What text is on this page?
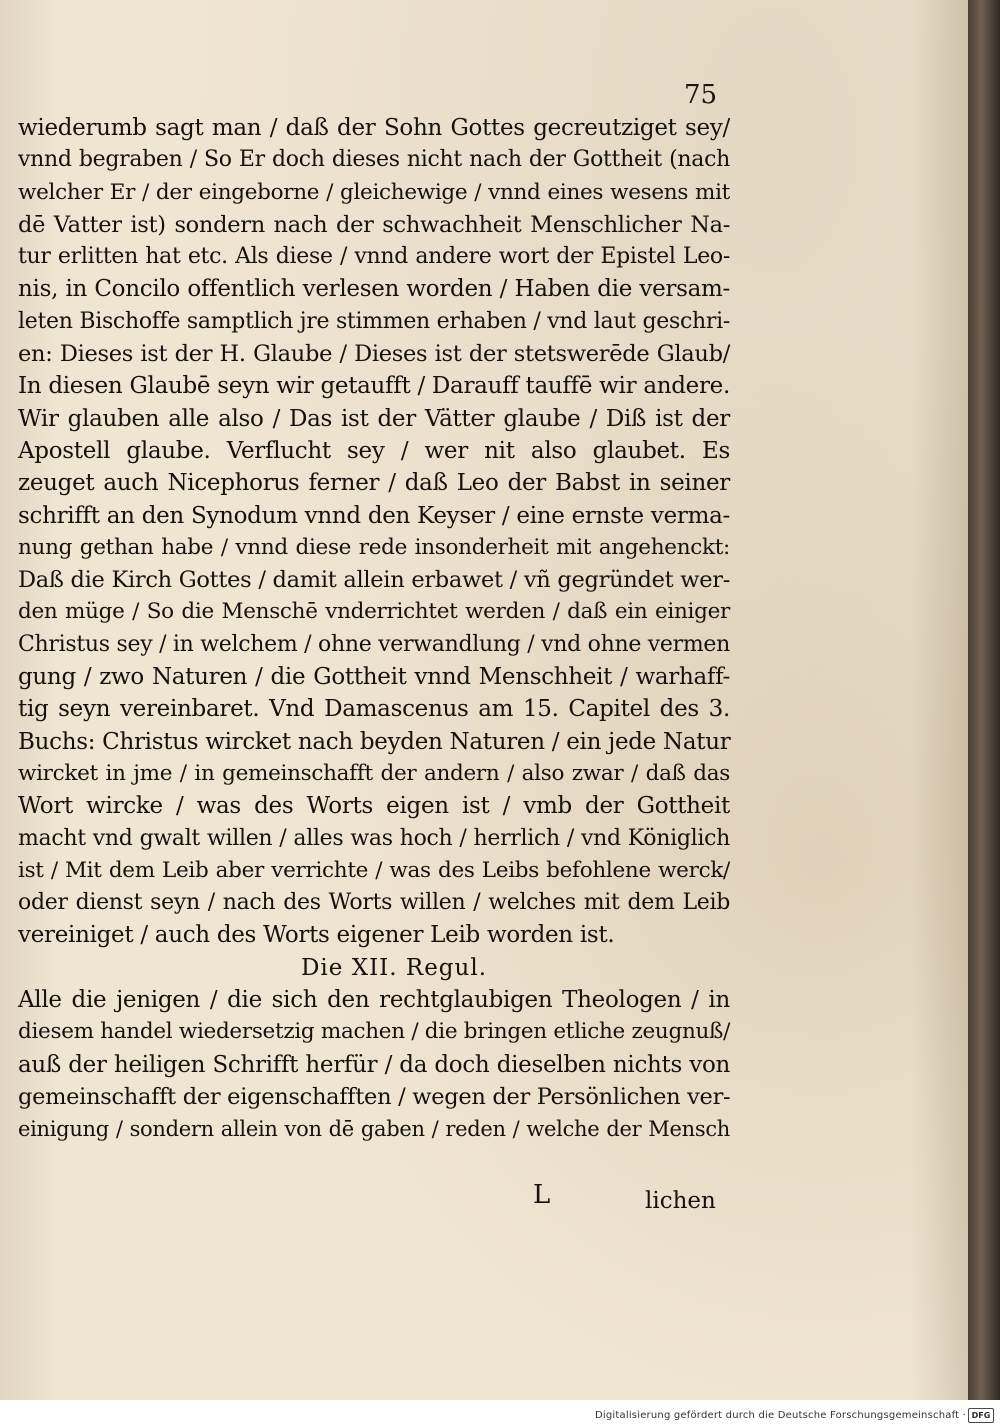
75
wiederumb sagt man / daß der Sohn Gottes gecreutziget sey/
vnnd begraben / So Er doch dieses nicht nach der Gottheit (nach
welcher Er / der eingeborne / gleichewige / vnnd eines wesens mit
dē Vatter ist) sondern nach der schwachheit Menschlicher Na-
tur erlitten hat etc. Als diese / vnnd andere wort der Epistel Leo-
nis, in Concilo offentlich verlesen worden / Haben die versam-
leten Bischoffe samptlich jre stimmen erhaben / vnd laut geschri-
en: Dieses ist der H. Glaube / Dieses ist der stetswerēde Glaub/
In diesen Glaubē seyn wir getaufft / Darauff tauffē wir andere.
Wir glauben alle also / Das ist der Vätter glaube / Diß ist der
Apostell glaube. Verflucht sey / wer nit also glaubet. Es
zeuget auch Nicephorus ferner / daß Leo der Babst in seiner
schrifft an den Synodum vnnd den Keyser / eine ernste verma-
nung gethan habe / vnnd diese rede insonderheit mit angehenckt:
Daß die Kirch Gottes / damit allein erbawet / vñ gegründet wer-
den müge / So die Menschē vnderrichtet werden / daß ein einiger
Christus sey / in welchem / ohne verwandlung / vnd ohne vermen
gung / zwo Naturen / die Gottheit vnnd Menschheit / warhaff-
tig seyn vereinbaret. Vnd Damascenus am 15. Capitel des 3.
Buchs: Christus wircket nach beyden Naturen / ein jede Natur
wircket in jme / in gemeinschafft der andern / also zwar / daß das
Wort wircke / was des Worts eigen ist / vmb der Gottheit
macht vnd gwalt willen / alles was hoch / herrlich / vnd Königlich
ist / Mit dem Leib aber verrichte / was des Leibs befohlene werck/
oder dienst seyn / nach des Worts willen / welches mit dem Leib
vereiniget / auch des Worts eigener Leib worden ist.
Die XII. Regul.
Alle die jenigen / die sich den rechtglaubigen Theologen / in
diesem handel wiedersetzig machen / die bringen etliche zeugnuß/
auß der heiligen Schrifft herfür / da doch dieselben nichts von
gemeinschafft der eigenschafften / wegen der Persönlichen ver-
einigung / sondern allein von dē gaben / reden / welche der Mensch
L	lichen
Digitalisierung gefördert durch die Deutsche Forschungsgemeinschaft · DFG
